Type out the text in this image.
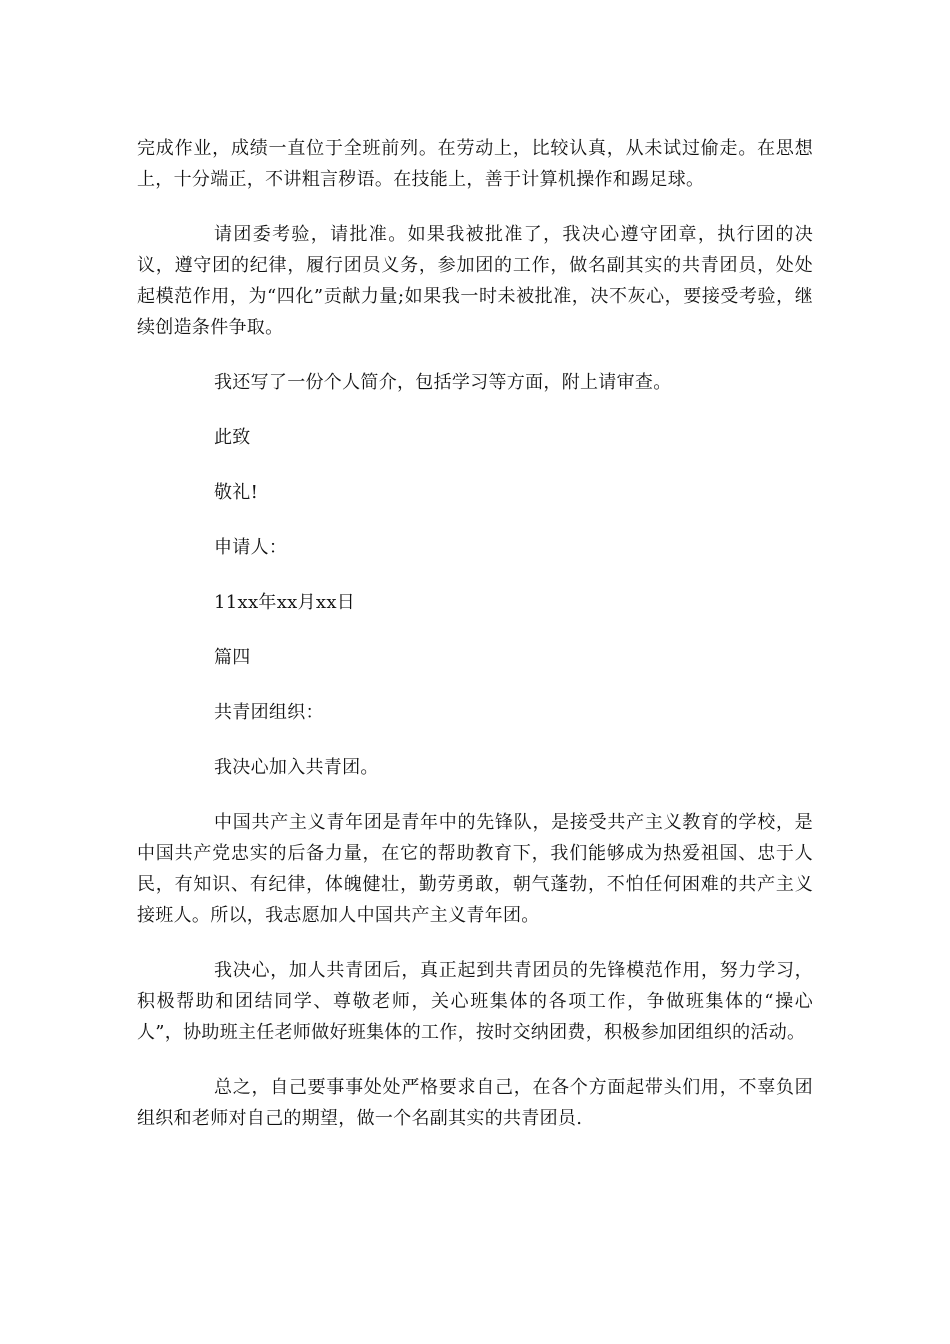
完成作业，成绩一直位于全班前列。在劳动上，比较认真，从未试过偷走。在思想上，十分端正，不讲粗言秽语。在技能上，善于计算机操作和踢足球。

请团委考验，请批准。如果我被批准了，我决心遵守团章，执行团的决议，遵守团的纪律，履行团员义务，参加团的工作，做名副其实的共青团员，处处起模范作用，为“四化”贡献力量;如果我一时未被批准，决不灰心，要接受考验，继续创造条件争取。

我还写了一份个人简介，包括学习等方面，附上请审查。

此致

敬礼!

申请人：

11xx年xx月xx日

篇四

共青团组织：

我决心加入共青团。

中国共产主义青年团是青年中的先锋队，是接受共产主义教育的学校，是中国共产党忠实的后备力量，在它的帮助教育下，我们能够成为热爱祖国、忠于人民，有知识、有纪律，体魄健壮，勤劳勇敢，朝气蓬勃，不怕任何困难的共产主义接班人。所以，我志愿加人中国共产主义青年团。

我决心，加人共青团后，真正起到共青团员的先锋模范作用，努力学习，积极帮助和团结同学、尊敬老师，关心班集体的各项工作，争做班集体的“操心人”，协助班主任老师做好班集体的工作，按时交纳团费，积极参加团组织的活动。

总之，自己要事事处处严格要求自己，在各个方面起带头们用，不辜负团组织和老师对自己的期望，做一个名副其实的共青团员.
